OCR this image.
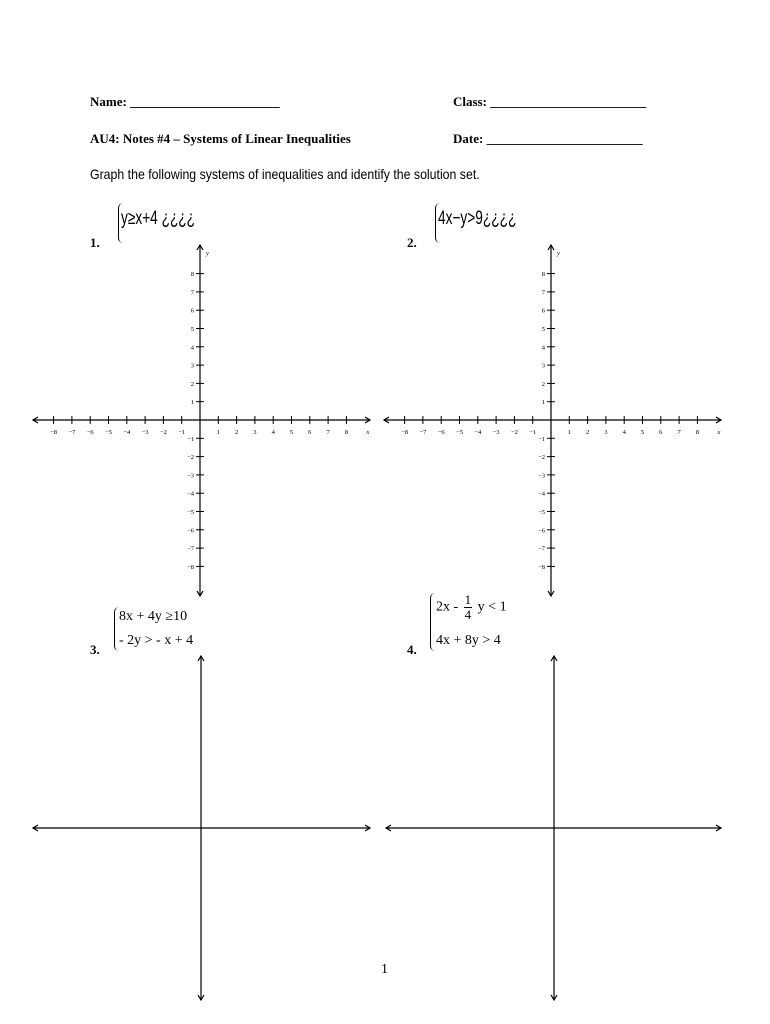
Name: _______________________	Class: ________________________
AU4: Notes #4 – Systems of Linear Inequalities	Date: ________________________
Graph the following systems of inequalities and identify the solution set.
1.
y≥x+4 ¿¿¿¿
2.
4x−y>9¿¿¿¿
3.
8x + 4y ≥10
- 2y > - x + 4
4.
$2x - \frac{1}{4}$ y < 1
4x + 8y > 4
−8 −7 −6 −5 −4 −3 −2 −1	1 2 3 4 5 6 7 8
8
7
6
5
4
3
2
1
−1
−2
−3
−4
−5
−6
−7
−8
x
y
−8 −7 −6 −5 −4 −3 −2 −1	1 2 3 4 5 6 7 8
8
7
6
5
4
3
2
1
−1
−2
−3
−4
−5
−6
−7
−8
x
y
1
